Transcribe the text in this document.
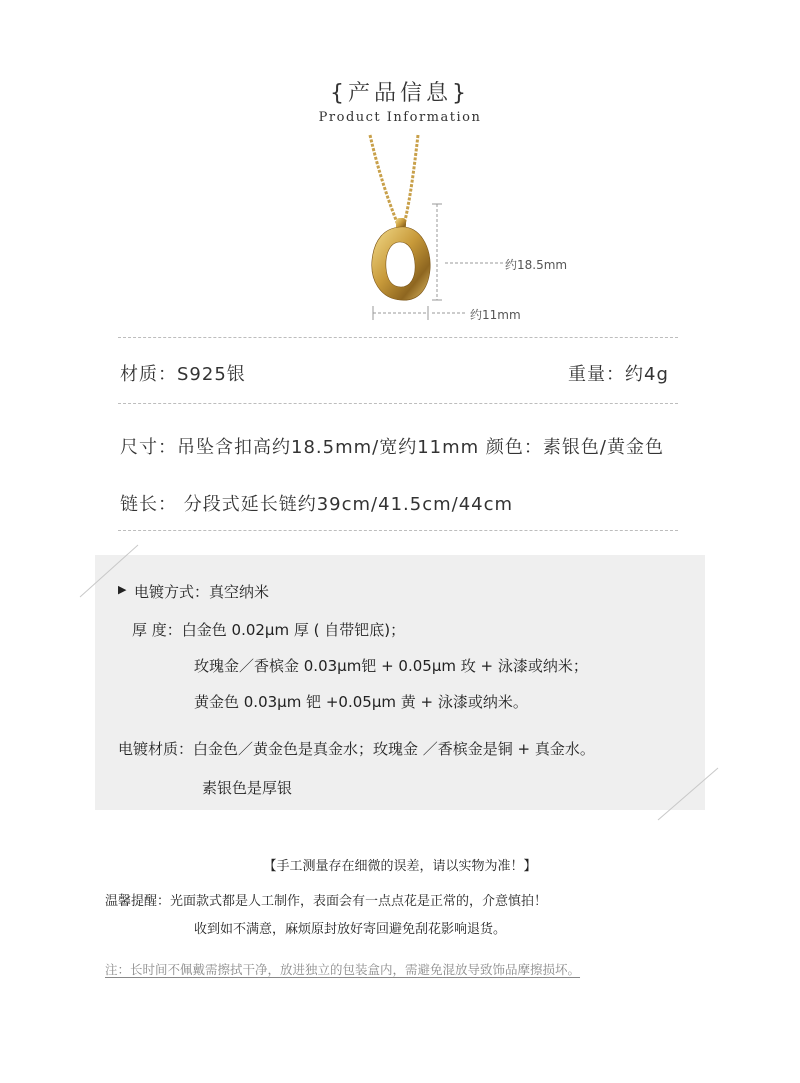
{产品信息}
Product Information
约18.5mm
约11mm
材质：S925银	重量：约4g
尺寸：吊坠含扣高约18.5mm/宽约11mm 颜色：素银色/黄金色
链长： 分段式延长链约39cm/41.5cm/44cm
▶ 电镀方式：真空纳米
厚 度：白金色 0.02μm 厚 ( 自带钯底)；
玫瑰金／香槟金 0.03μm钯 + 0.05μm 玫 + 泳漆或纳米；
黄金色 0.03μm 钯 +0.05μm 黄 + 泳漆或纳米。
电镀材质：白金色／黄金色是真金水；玫瑰金 ／香槟金是铜 + 真金水。
素银色是厚银
【手工测量存在细微的误差，请以实物为准！】
温馨提醒：光面款式都是人工制作，表面会有一点点花是正常的，介意慎拍！
收到如不满意，麻烦原封放好寄回避免刮花影响退货。
注：长时间不佩戴需擦拭干净，放进独立的包装盒内，需避免混放导致饰品摩擦损坏。
